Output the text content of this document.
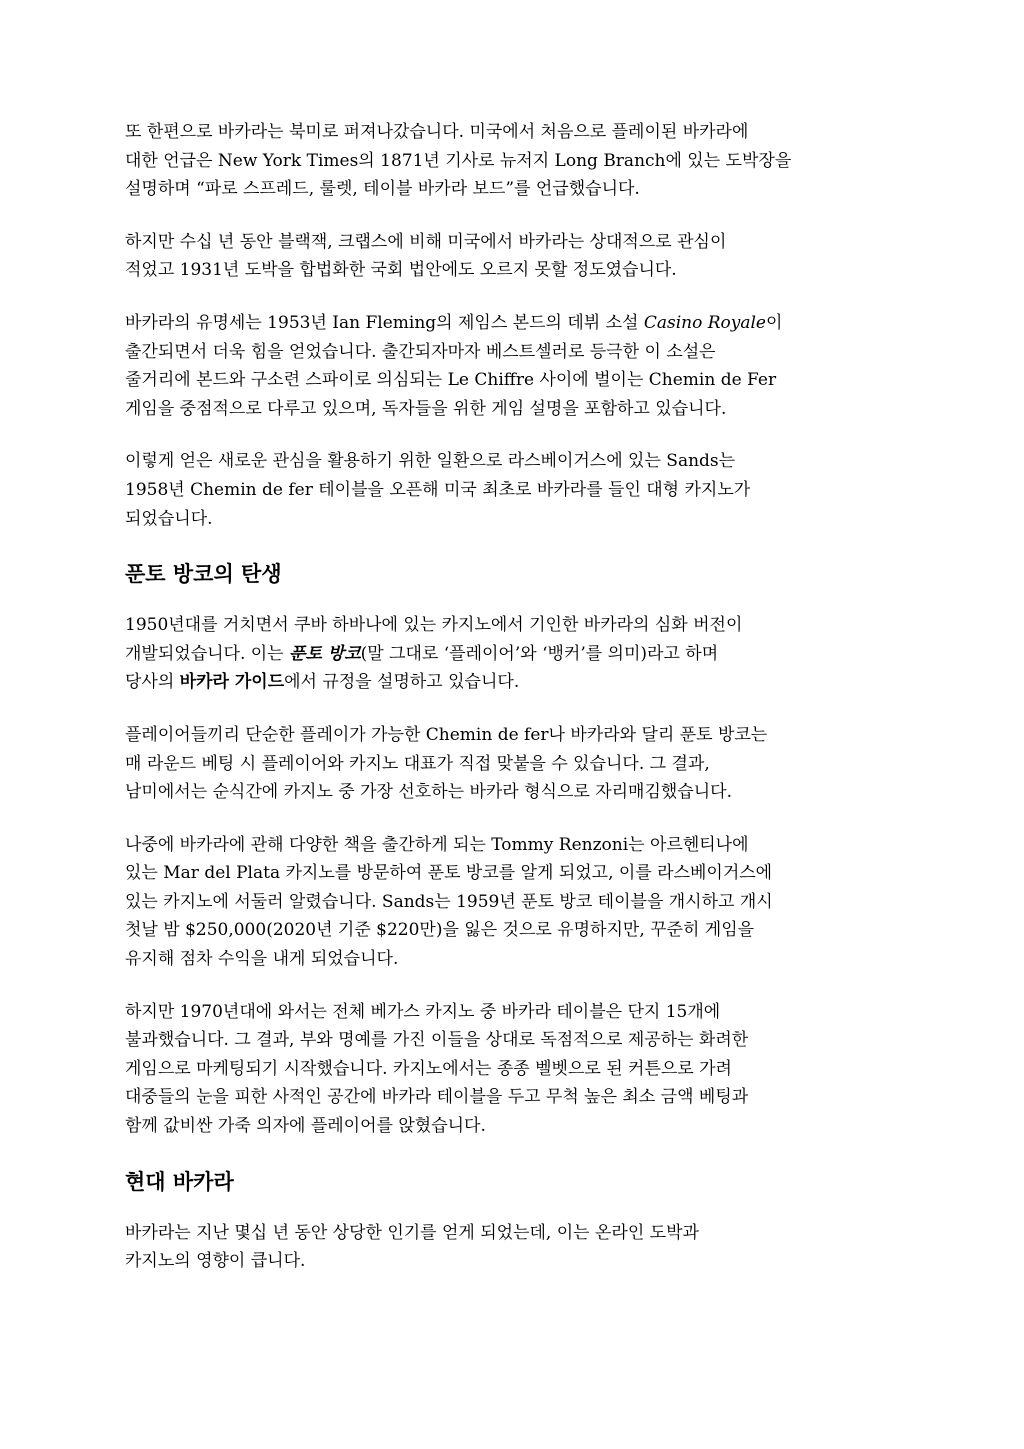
또 한편으로 바카라는 북미로 퍼져나갔습니다. 미국에서 처음으로 플레이된 바카라에
대한 언급은 New York Times의 1871년 기사로 뉴저지 Long Branch에 있는 도박장을
설명하며 “파로 스프레드, 룰렛, 테이블 바카라 보드”를 언급했습니다.

하지만 수십 년 동안 블랙잭, 크랩스에 비해 미국에서 바카라는 상대적으로 관심이
적었고 1931년 도박을 합법화한 국회 법안에도 오르지 못할 정도였습니다.

바카라의 유명세는 1953년 Ian Fleming의 제임스 본드의 데뷔 소설 Casino Royale이
출간되면서 더욱 힘을 얻었습니다. 출간되자마자 베스트셀러로 등극한 이 소설은
줄거리에 본드와 구소련 스파이로 의심되는 Le Chiffre 사이에 벌이는 Chemin de Fer
게임을 중점적으로 다루고 있으며, 독자들을 위한 게임 설명을 포함하고 있습니다.

이렇게 얻은 새로운 관심을 활용하기 위한 일환으로 라스베이거스에 있는 Sands는
1958년 Chemin de fer 테이블을 오픈해 미국 최초로 바카라를 들인 대형 카지노가
되었습니다.

푼토 방코의 탄생

1950년대를 거치면서 쿠바 하바나에 있는 카지노에서 기인한 바카라의 심화 버전이
개발되었습니다. 이는 푼토 방코(말 그대로 ‘플레이어’와 ‘뱅커’를 의미)라고 하며
당사의 바카라 가이드에서 규정을 설명하고 있습니다.

플레이어들끼리 단순한 플레이가 가능한 Chemin de fer나 바카라와 달리 푼토 방코는
매 라운드 베팅 시 플레이어와 카지노 대표가 직접 맞붙을 수 있습니다. 그 결과,
남미에서는 순식간에 카지노 중 가장 선호하는 바카라 형식으로 자리매김했습니다.

나중에 바카라에 관해 다양한 책을 출간하게 되는 Tommy Renzoni는 아르헨티나에
있는 Mar del Plata 카지노를 방문하여 푼토 방코를 알게 되었고, 이를 라스베이거스에
있는 카지노에 서둘러 알렸습니다. Sands는 1959년 푼토 방코 테이블을 개시하고 개시
첫날 밤 $250,000(2020년 기준 $220만)을 잃은 것으로 유명하지만, 꾸준히 게임을
유지해 점차 수익을 내게 되었습니다.

하지만 1970년대에 와서는 전체 베가스 카지노 중 바카라 테이블은 단지 15개에
불과했습니다. 그 결과, 부와 명예를 가진 이들을 상대로 독점적으로 제공하는 화려한
게임으로 마케팅되기 시작했습니다. 카지노에서는 종종 벨벳으로 된 커튼으로 가려
대중들의 눈을 피한 사적인 공간에 바카라 테이블을 두고 무척 높은 최소 금액 베팅과
함께 값비싼 가죽 의자에 플레이어를 앉혔습니다.

현대 바카라

바카라는 지난 몇십 년 동안 상당한 인기를 얻게 되었는데, 이는 온라인 도박과
카지노의 영향이 큽니다.
